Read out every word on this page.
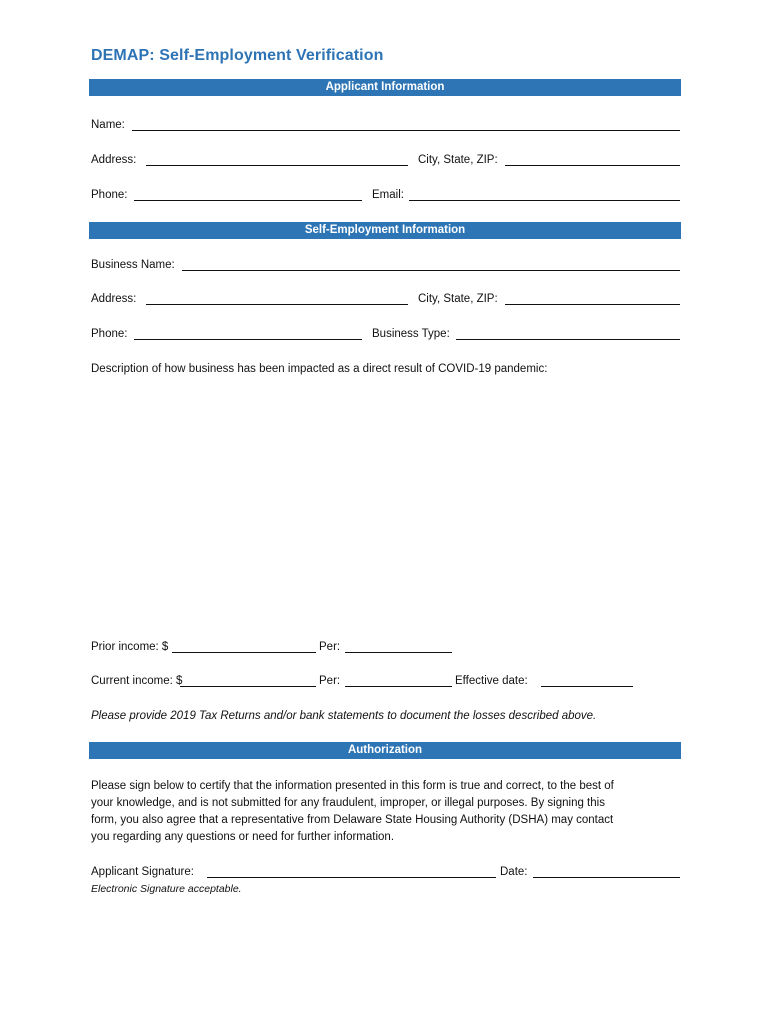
DEMAP: Self-Employment Verification
Applicant Information
Name:
Address:	City, State, ZIP:
Phone:	Email:
Self-Employment Information
Business Name:
Address:	City, State, ZIP:
Phone:	Business Type:
Description of how business has been impacted as a direct result of COVID-19 pandemic:
Prior income: $	Per:
Current income: $	Per:	Effective date:
Please provide 2019 Tax Returns and/or bank statements to document the losses described above.
Authorization
Please sign below to certify that the information presented in this form is true and correct, to the best of
your knowledge, and is not submitted for any fraudulent, improper, or illegal purposes. By signing this
form, you also agree that a representative from Delaware State Housing Authority (DSHA) may contact
you regarding any questions or need for further information.
Applicant Signature:	Date:
Electronic Signature acceptable.
